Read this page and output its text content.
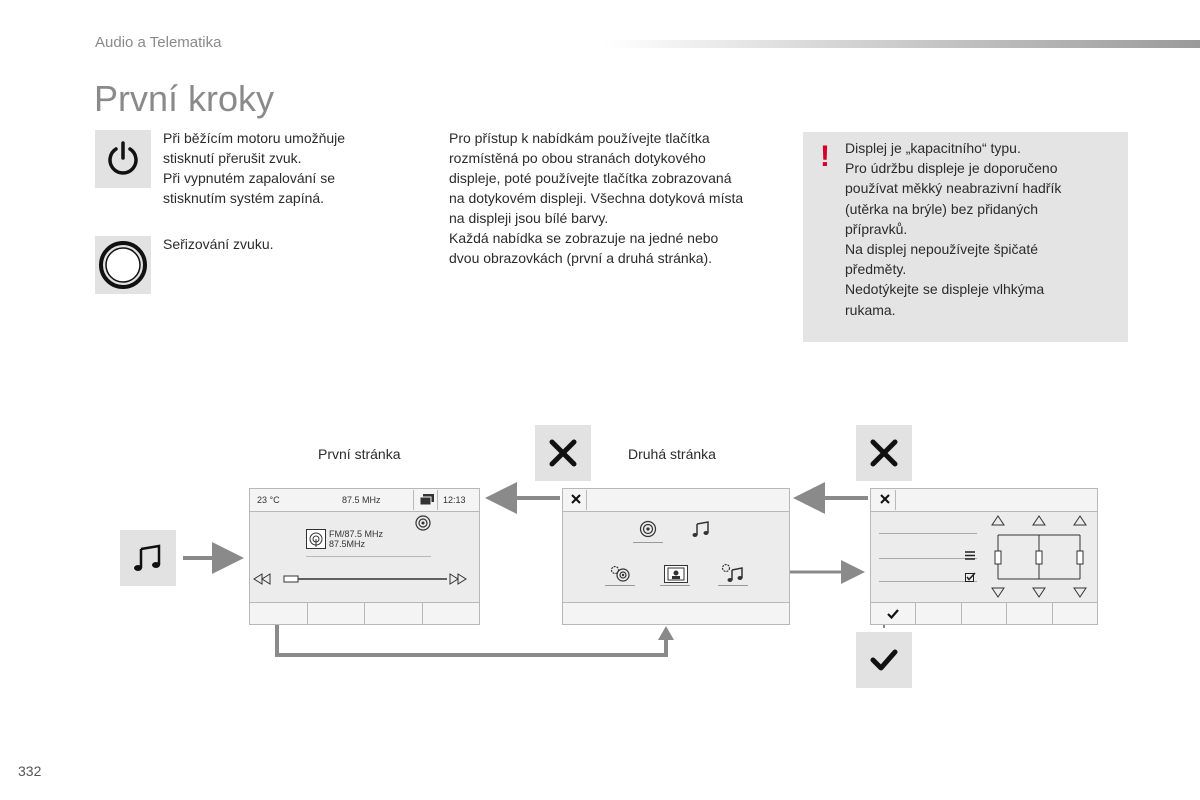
Audio a Telematika
První kroky
Při běžícím motoru umožňuje
stisknutí přerušit zvuk.
Při vypnutém zapalování se
stisknutím systém zapíná.
Seřizování zvuku.
Pro přístup k nabídkám používejte tlačítka
rozmístěná po obou stranách dotykového
displeje, poté používejte tlačítka zobrazovaná
na dotykovém displeji. Všechna dotyková místa
na displeji jsou bílé barvy.
Každá nabídka se zobrazuje na jedné nebo
dvou obrazovkách (první a druhá stránka).
! Displej je „kapacitního“ typu.
Pro údržbu displeje je doporučeno
používat měkký neabrazivní hadřík
(utěrka na brýle) bez přidaných
přípravků.
Na displej nepoužívejte špičaté
předměty.
Nedotýkejte se displeje vlhkýma
rukama.
První stránka	Druhá stránka
23 °C	87.5 MHz	12:13
FM/87.5 MHz
87.5MHz
332
